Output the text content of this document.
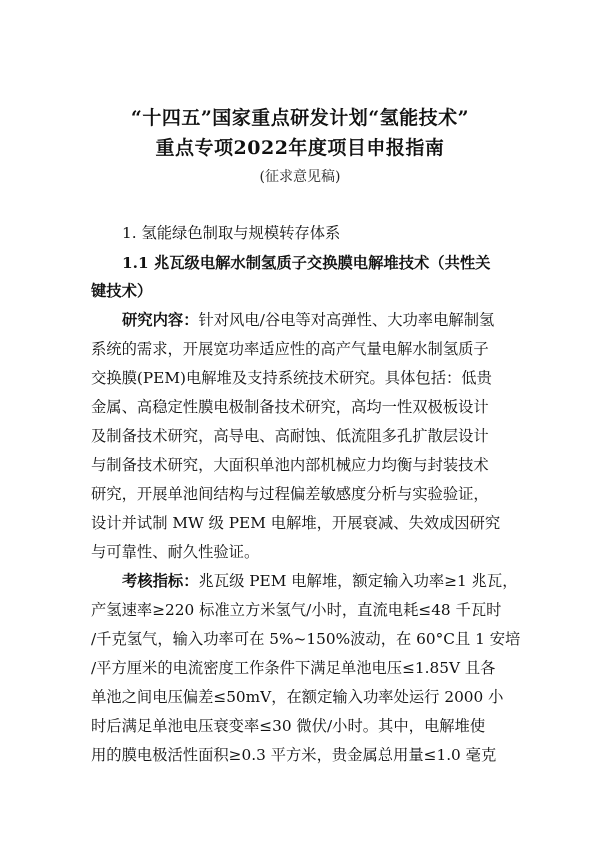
“十四五”国家重点研发计划“氢能技术”
重点专项2022年度项目申报指南
(征求意见稿)
1. 氢能绿色制取与规模转存体系
1.1 兆瓦级电解水制氢质子交换膜电解堆技术（共性关
键技术）
研究内容：针对风电/谷电等对高弹性、大功率电解制氢
系统的需求，开展宽功率适应性的高产气量电解水制氢质子
交换膜(PEM)电解堆及支持系统技术研究。具体包括：低贵
金属、高稳定性膜电极制备技术研究，高均一性双极板设计
及制备技术研究，高导电、高耐蚀、低流阻多孔扩散层设计
与制备技术研究，大面积单池内部机械应力均衡与封装技术
研究，开展单池间结构与过程偏差敏感度分析与实验验证，
设计并试制 MW 级 PEM 电解堆，开展衰减、失效成因研究
与可靠性、耐久性验证。
考核指标：兆瓦级 PEM 电解堆，额定输入功率≥1 兆瓦，
产氢速率≥220 标准立方米氢气/小时，直流电耗≤48 千瓦时
/千克氢气，输入功率可在 5%~150%波动，在 60°C且 1 安培
/平方厘米的电流密度工作条件下满足单池电压≤1.85V 且各
单池之间电压偏差≤50mV，在额定输入功率处运行 2000 小
时后满足单池电压衰变率≤30 微伏/小时。其中，电解堆使
用的膜电极活性面积≥0.3 平方米，贵金属总用量≤1.0 毫克
